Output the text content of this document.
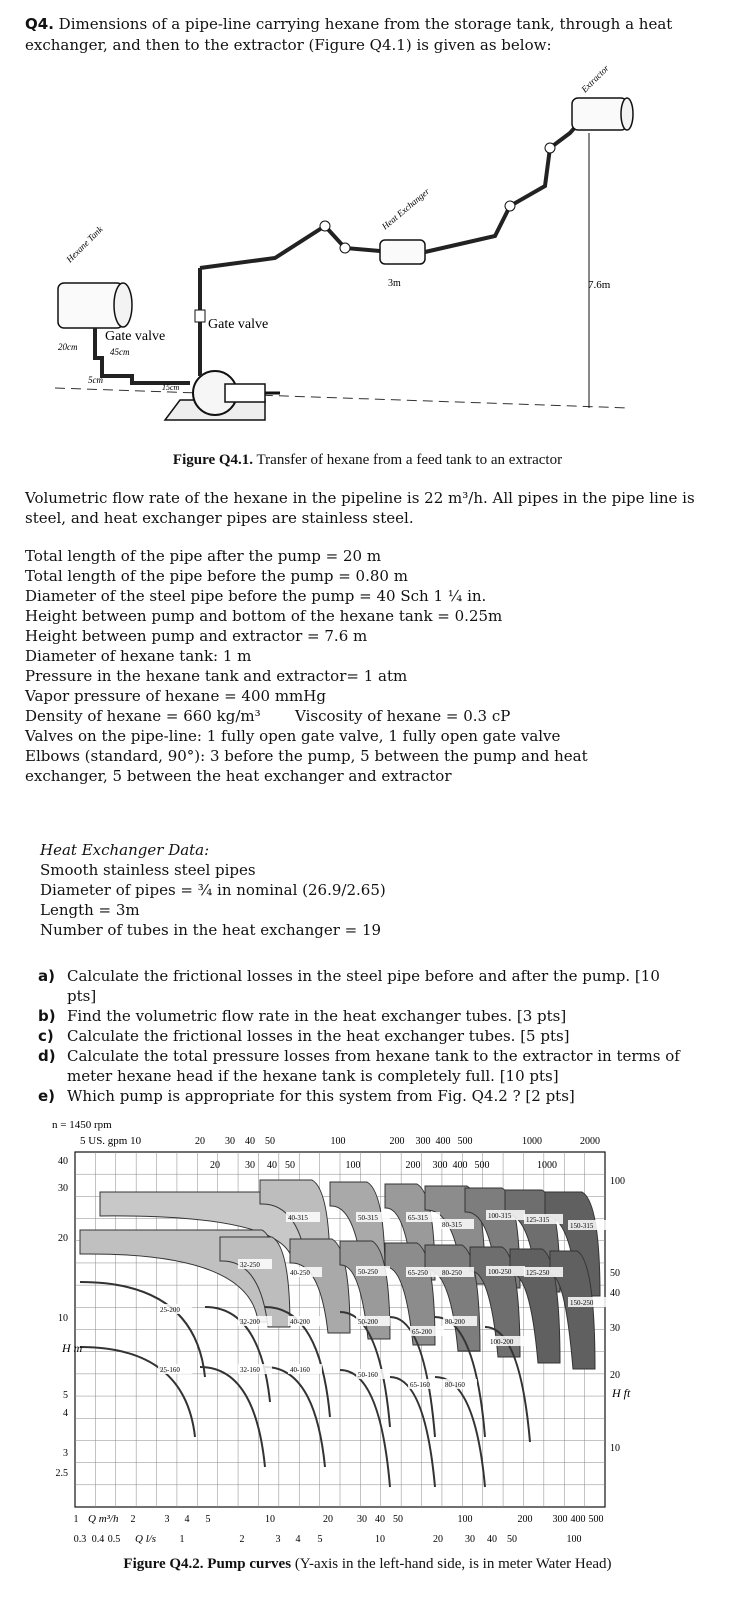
Q4. Dimensions of a pipe-line carrying hexane from the storage tank, through a heat exchanger, and then to the extractor (Figure Q4.1) is given as below:
Hexane Tank
Gate valve
20cm	45cm
5cm
15cm
Gate valve
Heat Exchanger
3m
Extractor
7.6m
Figure Q4.1. Transfer of hexane from a feed tank to an extractor
Volumetric flow rate of the hexane in the pipeline is 22 m³/h. All pipes in the pipe line is steel, and heat exchanger pipes are stainless steel.
Total length of the pipe after the pump = 20 m
Total length of the pipe before the pump = 0.80 m
Diameter of the steel pipe before the pump = 40 Sch 1 ¼ in.
Height between pump and bottom of the hexane tank = 0.25m
Height between pump and extractor = 7.6 m
Diameter of hexane tank: 1 m
Pressure in the hexane tank and extractor= 1 atm
Vapor pressure of hexane = 400 mmHg
Density of hexane = 660 kg/m³ Viscosity of hexane = 0.3 cP
Valves on the pipe-line: 1 fully open gate valve, 1 fully open gate valve
Elbows (standard, 90°): 3 before the pump, 5 between the pump and heat exchanger, 5 between the heat exchanger and extractor
Heat Exchanger Data:
Smooth stainless steel pipes
Diameter of pipes = ¾ in nominal (26.9/2.65)
Length = 3m
Number of tubes in the heat exchanger = 19
a) Calculate the frictional losses in the steel pipe before and after the pump. [10 pts]
b) Find the volumetric flow rate in the heat exchanger tubes. [3 pts]
c) Calculate the frictional losses in the heat exchanger tubes. [5 pts]
d) Calculate the total pressure losses from hexane tank to the extractor in terms of meter hexane head if the hexane tank is completely full. [10 pts]
e) Which pump is appropriate for this system from Fig. Q4.2 ? [2 pts]
n = 1450 rpm
5 US. gpm 10
40-315	50-315	65-315
80-315
100-315 125-315
150-315
32-250
40-250	50-250	65-250 80-250	100-250 125-250
150-250
25-200
32-200	40-200	50-200
65-200
80-200
100-200
25-160	32-160	40-160
50-160
65-160 80-160
40
30
20
10
5
4
3
2.5
100
50
40
30
20
10
20 30 40 50	100	200 300 400 500	1000	2000
20	30 40 50	100	200 300 400 500	1000
1	2	3 4 5	10	20 30 40 50	100	200 300 400 500
0.3 0.4 0.5	1	2	3 4 5	10	20 30 40 50	100
H m
H ft
Q m³/h
Q l/s
Figure Q4.2. Pump curves (Y-axis in the left-hand side, is in meter Water Head)
